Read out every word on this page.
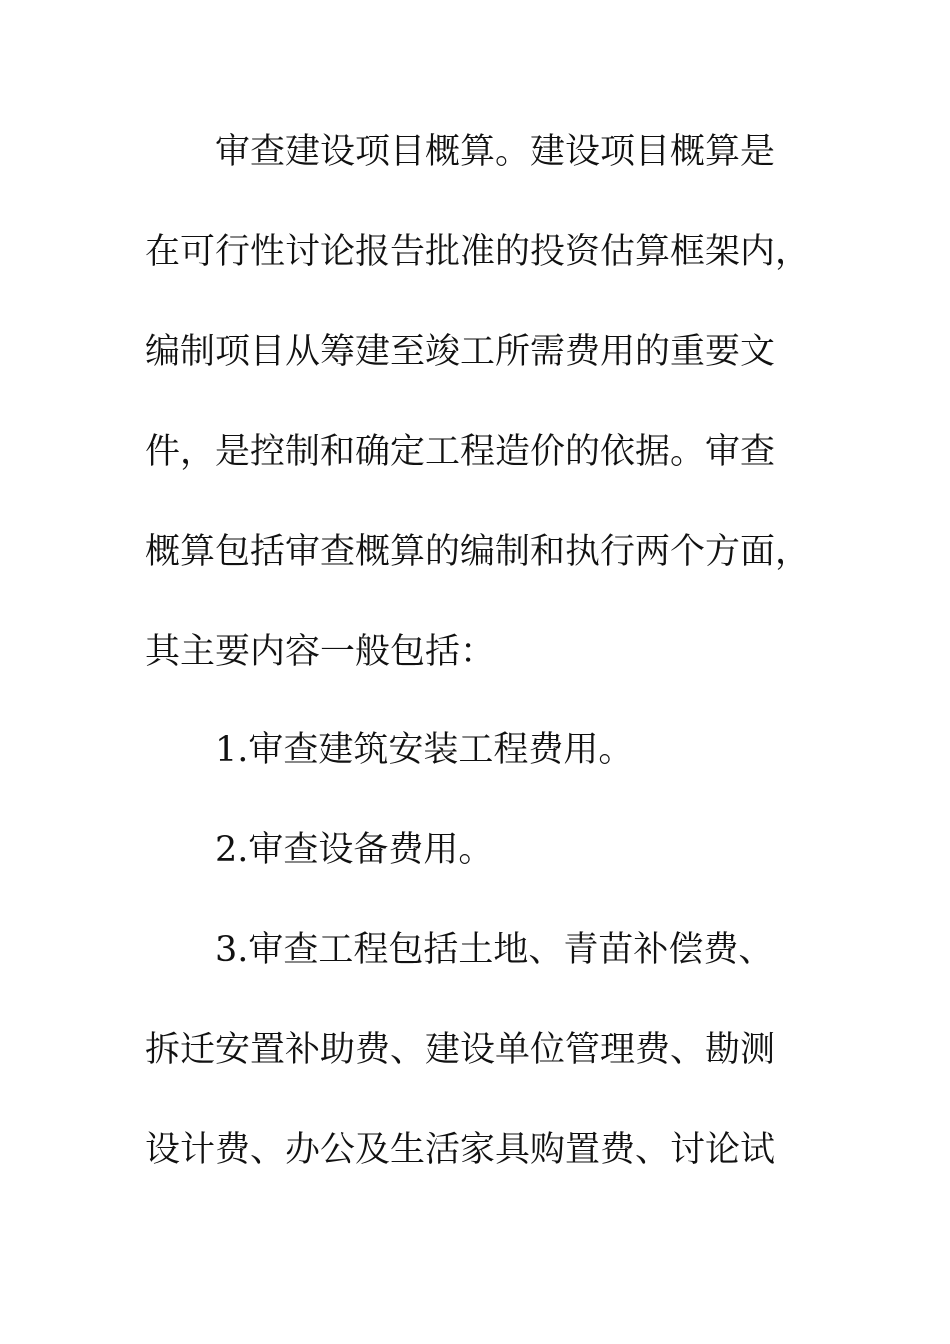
审查建设项目概算。建设项目概算是
在可行性讨论报告批准的投资估算框架内，
编制项目从筹建至竣工所需费用的重要文
件，是控制和确定工程造价的依据。审查
概算包括审查概算的编制和执行两个方面，
其主要内容一般包括：
1.审查建筑安装工程费用。
2.审查设备费用。
3.审查工程包括土地、青苗补偿费、
拆迁安置补助费、建设单位管理费、勘测
设计费、办公及生活家具购置费、讨论试
